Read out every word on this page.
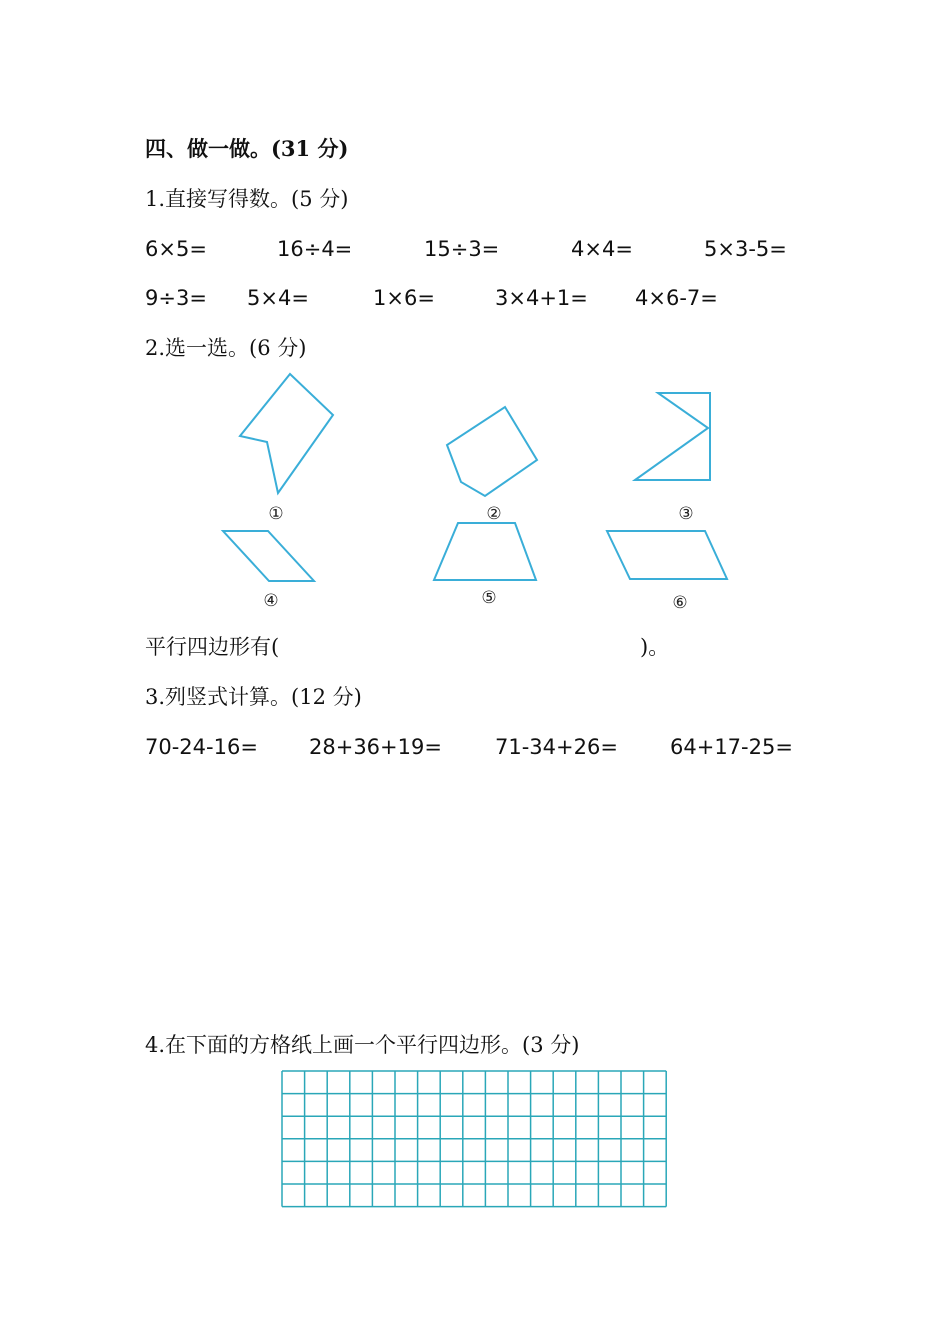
四、做一做。(31 分)
1.直接写得数。(5 分)
6×5=	16÷4=	15÷3=	4×4=	5×3-5=
9÷3= 5×4=	1×6=	3×4+1= 4×6-7=
2.选一选。(6 分)
①	②	③
④	⑤	⑥
平行四边形有(	)。
3.列竖式计算。(12 分)
70-24-16= 28+36+19=	71-34+26= 64+17-25=
4.在下面的方格纸上画一个平行四边形。(3 分)
